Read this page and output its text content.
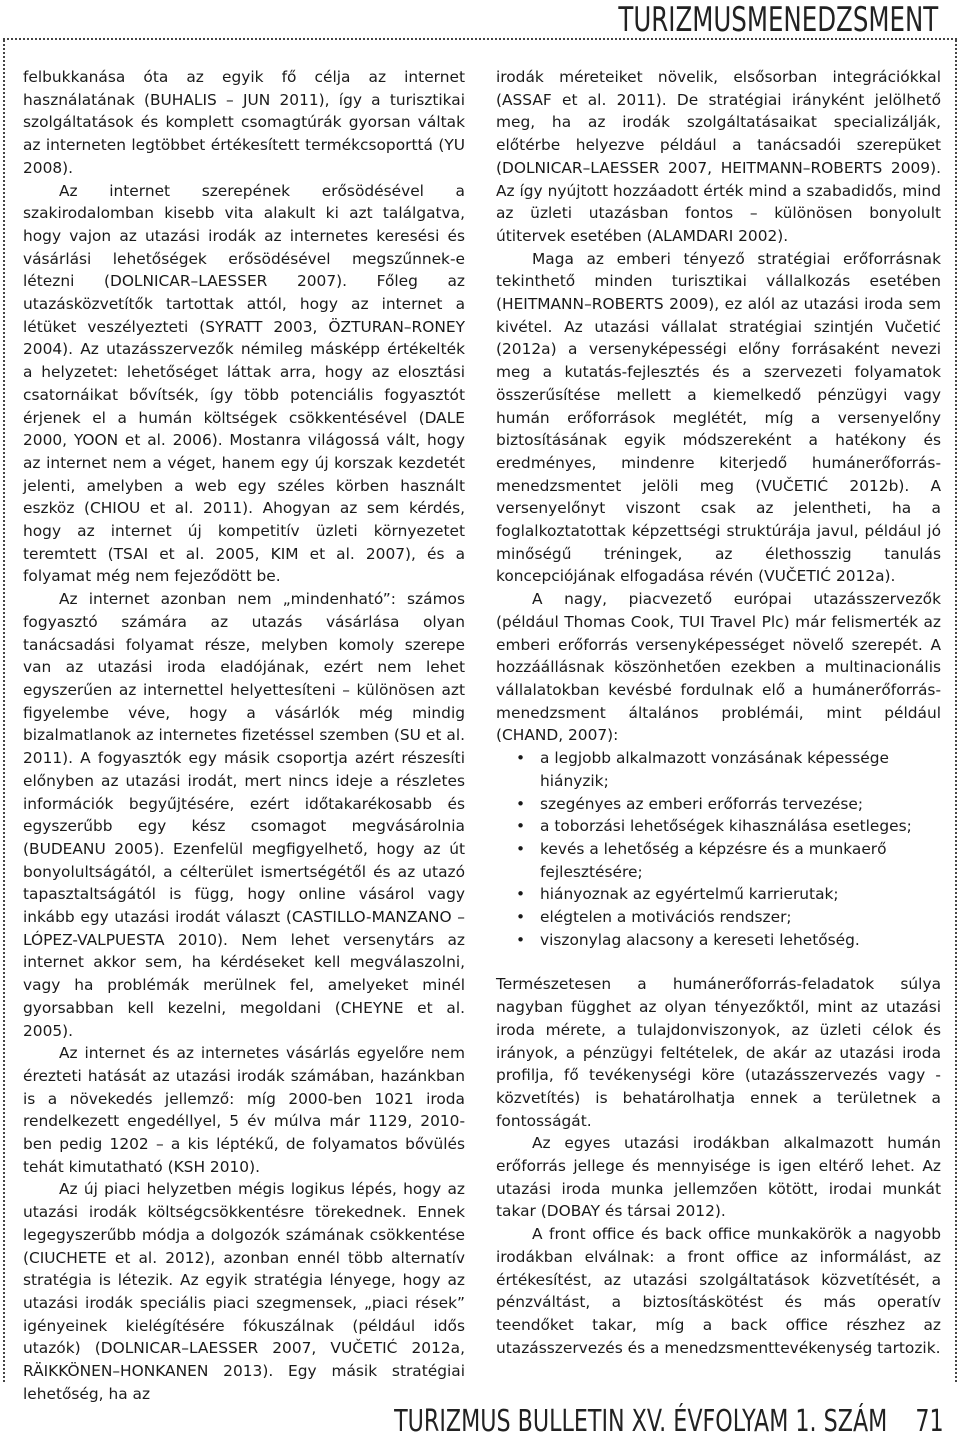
TURIZMUSMENEDZSMENT

felbukkanása óta az egyik fő célja az internet használatának (BUHALIS – JUN 2011), így a turisztikai szolgáltatások és komplett csomagtúrák gyorsan váltak az interneten legtöbbet értékesített termékcsoporttá (YU 2008).

Az internet szerepének erősödésével a szakirodalomban kisebb vita alakult ki azt találgatva, hogy vajon az utazási irodák az internetes keresési és vásárlási lehetőségek erősödésével megszűnnek-e létezni (DOLNICAR–LAESSER 2007). Főleg az utazásközvetítők tartottak attól, hogy az internet a létüket veszélyezteti (SYRATT 2003, ÖZTURAN–RONEY 2004). Az utazásszervezők némileg másképp értékelték a helyzetet: lehetőséget láttak arra, hogy az elosztási csatornáikat bővítsék, így több potenciális fogyasztót érjenek el a humán költségek csökkentésével (DALE 2000, YOON et al. 2006). Mostanra világossá vált, hogy az internet nem a véget, hanem egy új korszak kezdetét jelenti, amelyben a web egy széles körben használt eszköz (CHIOU et al. 2011). Ahogyan az sem kérdés, hogy az internet új kompetitív üzleti környezetet teremtett (TSAI et al. 2005, KIM et al. 2007), és a folyamat még nem fejeződött be.

Az internet azonban nem „mindenható”: számos fogyasztó számára az utazás vásárlása olyan tanácsadási folyamat része, melyben komoly szerepe van az utazási iroda eladójának, ezért nem lehet egyszerűen az internettel helyettesíteni – különösen azt figyelembe véve, hogy a vásárlók még mindig bizalmatlanok az internetes fizetéssel szemben (SU et al. 2011). A fogyasztók egy másik csoportja azért részesíti előnyben az utazási irodát, mert nincs ideje a részletes információk begyűjtésére, ezért időtakarékosabb és egyszerűbb egy kész csomagot megvásárolnia (BUDEANU 2005). Ezenfelül megfigyelhető, hogy az út bonyolultságától, a célterület ismertségétől és az utazó tapasztaltságától is függ, hogy online vásárol vagy inkább egy utazási irodát választ (CASTILLO-MANZANO – LÓPEZ-VALPUESTA 2010). Nem lehet versenytárs az internet akkor sem, ha kérdéseket kell megválaszolni, vagy ha problémák merülnek fel, amelyeket minél gyorsabban kell kezelni, megoldani (CHEYNE et al. 2005).

Az internet és az internetes vásárlás egyelőre nem érezteti hatását az utazási irodák számában, hazánkban is a növekedés jellemző: míg 2000-ben 1021 iroda rendelkezett engedéllyel, 5 év múlva már 1129, 2010-ben pedig 1202 – a kis léptékű, de folyamatos bővülés tehát kimutatható (KSH 2010).

Az új piaci helyzetben mégis logikus lépés, hogy az utazási irodák költségcsökkentésre törekednek. Ennek legegyszerűbb módja a dolgozók számának csökkentése (CIUCHETE et al. 2012), azonban ennél több alternatív stratégia is létezik. Az egyik stratégia lényege, hogy az utazási irodák speciális piaci szegmensek, „piaci rések” igényeinek kielégítésére fókuszálnak (például idős utazók) (DOLNICAR–LAESSER 2007, VUČETIĆ 2012a, RÄIKKÖNEN–HONKANEN 2013). Egy másik stratégiai lehetőség, ha az

irodák méreteiket növelik, elsősorban integrációkkal (ASSAF et al. 2011). De stratégiai irányként jelölhető meg, ha az irodák szolgáltatásaikat specializálják, előtérbe helyezve például a tanácsadói szerepüket (DOLNICAR–LAESSER 2007, HEITMANN–ROBERTS 2009). Az így nyújtott hozzáadott érték mind a szabadidős, mind az üzleti utazásban fontos – különösen bonyolult útitervek esetében (ALAMDARI 2002).

Maga az emberi tényező stratégiai erőforrásnak tekinthető minden turisztikai vállalkozás esetében (HEITMANN–ROBERTS 2009), ez alól az utazási iroda sem kivétel. Az utazási vállalat stratégiai szintjén Vučetić (2012a) a versenyképességi előny forrásaként nevezi meg a kutatás-fejlesztés és a szervezeti folyamatok összerűsítése mellett a kiemelkedő pénzügyi vagy humán erőforrások meglétét, míg a versenyelőny biztosításának egyik módszereként a hatékony és eredményes, mindenre kiterjedő humánerőforrás-menedzsmentet jelöli meg (VUČETIĆ 2012b). A versenyelőnyt viszont csak az jelentheti, ha a foglalkoztatottak képzettségi struktúrája javul, például jó minőségű tréningek, az élethosszig tanulás koncepciójának elfogadása révén (VUČETIĆ 2012a).

A nagy, piacvezető európai utazásszervezők (például Thomas Cook, TUI Travel Plc) már felismerték az emberi erőforrás versenyképességet növelő szerepét. A hozzáállásnak köszönhetően ezekben a multinacionális vállalatokban kevésbé fordulnak elő a humánerőforrás-menedzsment általános problémái, mint például (CHAND, 2007):

• a legjobb alkalmazott vonzásának képessége hiányzik;
• szegényes az emberi erőforrás tervezése;
• a toborzási lehetőségek kihasználása esetleges;
• kevés a lehetőség a képzésre és a munkaerő fejlesztésére;
• hiányoznak az egyértelmű karrierutak;
• elégtelen a motivációs rendszer;
• viszonylag alacsony a kereseti lehetőség.

Természetesen a humánerőforrás-feladatok súlya nagyban függhet az olyan tényezőktől, mint az utazási iroda mérete, a tulajdonviszonyok, az üzleti célok és irányok, a pénzügyi feltételek, de akár az utazási iroda profilja, fő tevékenységi köre (utazásszervezés vagy -közvetítés) is behatárolhatja ennek a területnek a fontosságát.

Az egyes utazási irodákban alkalmazott humán erőforrás jellege és mennyisége is igen eltérő lehet. Az utazási iroda munka jellemzően kötött, irodai munkát takar (DOBAY és társai 2012).

A front office és back office munkakörök a nagyobb irodákban elválnak: a front office az informálást, az értékesítést, az utazási szolgáltatások közvetítését, a pénzváltást, a biztosításkötést és más operatív teendőket takar, míg a back office részhez az utazásszervezés és a menedzsmenttevékenység tartozik.

TURIZMUS BULLETIN XV. ÉVFOLYAM 1. SZÁM 71
